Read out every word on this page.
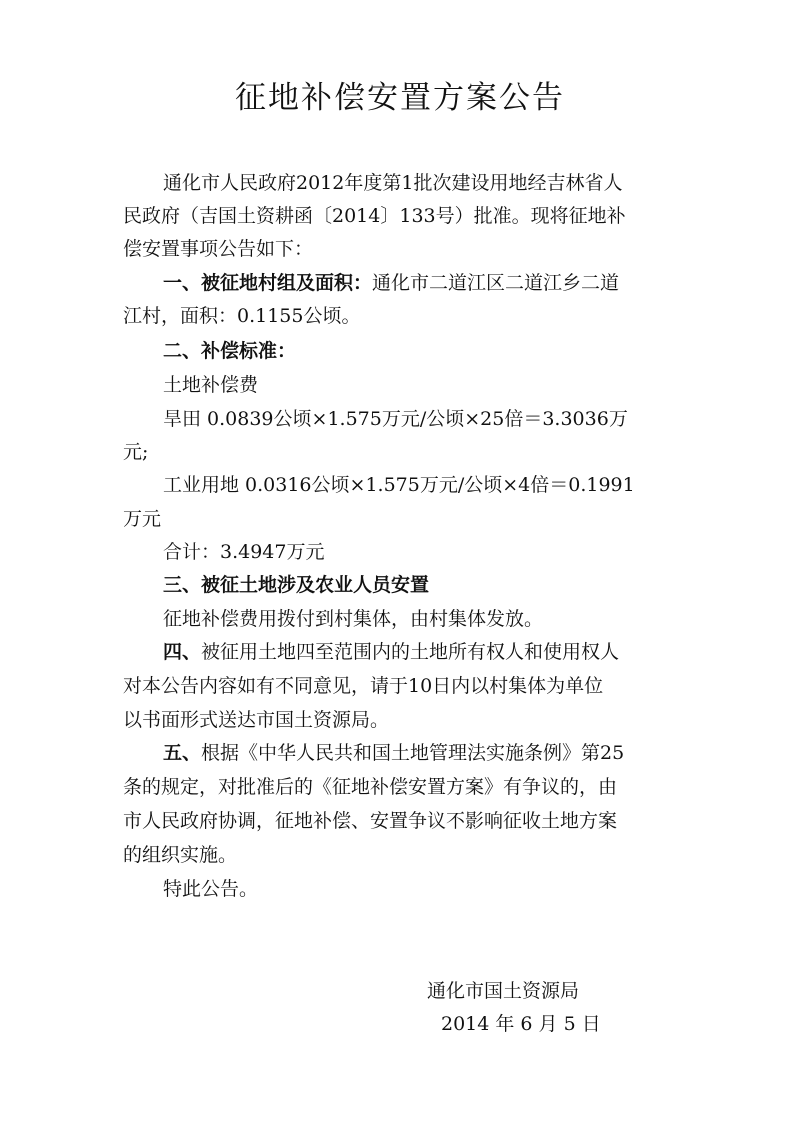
征地补偿安置方案公告

通化市人民政府2012年度第1批次建设用地经吉林省人

民政府（吉国土资耕函〔2014〕133号）批准。现将征地补

偿安置事项公告如下：

一、被征地村组及面积：通化市二道江区二道江乡二道

江村，面积：0.1155公顷。

二、补偿标准：

土地补偿费

旱田 0.0839公顷×1.575万元/公顷×25倍＝3.3036万

元;

工业用地 0.0316公顷×1.575万元/公顷×4倍＝0.1991

万元

合计：3.4947万元

三、被征土地涉及农业人员安置

征地补偿费用拨付到村集体，由村集体发放。

四、被征用土地四至范围内的土地所有权人和使用权人

对本公告内容如有不同意见，请于10日内以村集体为单位

以书面形式送达市国土资源局。

五、根据《中华人民共和国土地管理法实施条例》第25

条的规定，对批准后的《征地补偿安置方案》有争议的，由

市人民政府协调，征地补偿、安置争议不影响征收土地方案

的组织实施。

特此公告。

通化市国土资源局
2014 年 6 月 5 日
